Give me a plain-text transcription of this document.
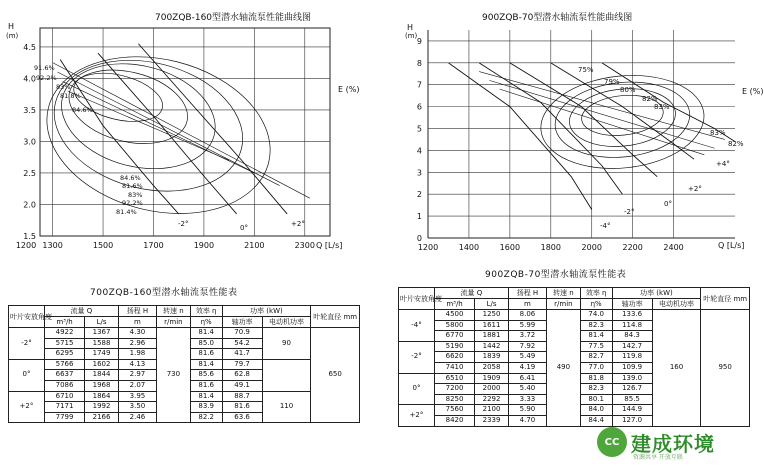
700ZQB-160型潜水轴流泵性能曲线图
H
(m)
Q [L/s]
E (%)
1200 1300	1500	1700	1900	2100	2300
1.5
2.0
2.5
3.0
3.5
4.0
4.5
91.6%
92.2%
83%
81.8%
84.6%
84.6%
81.6%
83%
92.2%
81.4%
-2°	0°	+2°
900ZQB-70型潜水轴流泵性能曲线图
H
(m)
Q [L/s]
E (%)
1200	1400	1600	1800	2000	2200	2400
0
1
2
3
4
5
6
7
8
9
75%
79%
80%
82%
83%
83%
82%
-4°
-2°
0°
+2°
+4°
700ZQB-160型潜水轴流泵性能表
叶片安放角度	流量 Q		扬程 H	转速 n	效率 η	功率 (kW)		叶轮直径 mm
	m³/h	L/s	m	r/min	η%	轴功率	电动机功率	
-2°	4922	1367	4.30	730	81.4	70.9	90	650
	5715	1588	2.96		85.0	54.2		
	6295	1749	1.98		81.6	41.7		
0°	5766	1602	4.13		81.4	79.7		
	6637	1844	2.97		85.6	62.8		
	7086	1968	2.07		81.6	49.1		
+2°	6710	1864	3.95		81.4	88.7	110	
	7171	1992	3.50		83.9	81.6		
	7799	2166	2.46		82.2	63.6		
900ZQB-70型潜水轴流泵性能表
叶片安放角度	流量 Q		扬程 H	转速 n	效率 η	功率 (kW)		叶轮直径 mm
	m³/h	L/s	m	r/min	η%	轴功率	电动机功率	
-4°	4500	1250	8.06	490	74.0	133.6	160	950
	5800	1611	5.99		82.3	114.8		
	6770	1881	3.72		81.4	84.3		
-2°	5190	1442	7.92		77.5	142.7		
	6620	1839	5.49		82.7	119.8		
	7410	2058	4.19		77.0	109.9		
0°	6510	1909	6.41		81.8	139.0		
	7200	2000	5.40		82.3	126.7		
	8250	2292	3.33		80.1	85.5		
+2°	7560	2100	5.90		84.0	144.9		
	8420	2339	4.70		84.4	127.0		
CC 建成环境
资源共享 开放互联
